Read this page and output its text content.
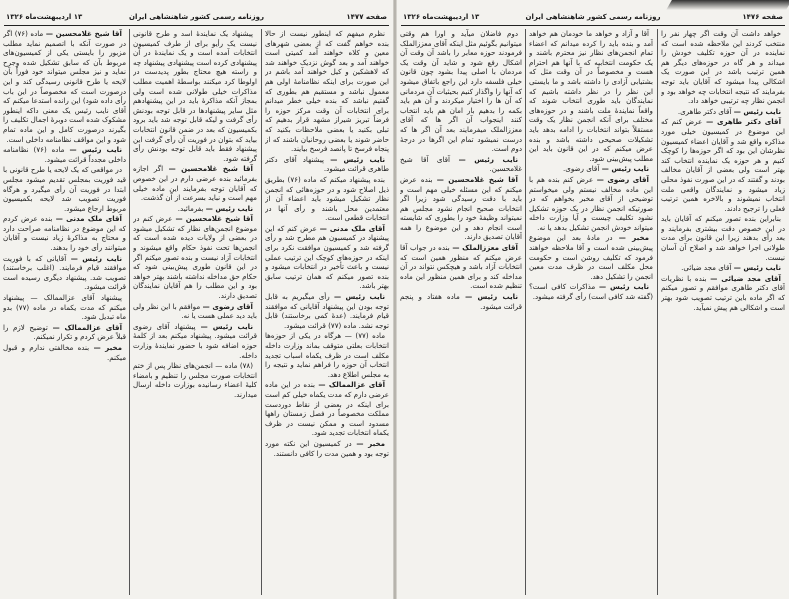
صفحه ۱۴۷۷
روزنامه رسمی کشور شاهنشاهی ایران
۱۳ اردیبهشت‌ماه ۱۳۲۶

نظرم میفهم که اینطور نیست از حالا بنده خواهم گفت که از بعضی شهرهای معین و کلاه خواهند آمد کمیتی است خواهند آمد و بعد گوش نزدیک خواهند شد که لاهشکین و کیل خواهند آمد باشم در این صورت برای اینکه نظامنامهٔ اولی هم معمول نباشد و مستقیم هم بطوری که گفتیم نباشد که بنده خیلی خطر میدانم برای انتخابات آن وقت مرکز حوزه را فرضاً تبریز شیراز مشهد قرار بدهیم که تبلی بکنید یا بعضی ملاحظات بکنید که حاضر شوند یا بعضی روحانیان باشند که از پنجاه فرسخ تا پانصد فرسخ بیایند.

نایب رئیس — پیشنهاد آقای دکتر طاهری قرائت میشود.

بنده پیشنهاد میکنم که ماده (۷۶) بطریق ذیل اصلاح شود و در حوزه‌هائی که انجمن نظار تشکیل میشود باید اعضاء آن از معتمدین محل باشند و رأی آنها در انتخابات قطعی است.

آقای ملک مدنی — عرض کنم که این پیشنهاد در کمیسیون هم مطرح شد و رأی گرفته شد و کمیسیون موافقت نکرد برای اینکه در حوزه‌های کوچک این ترتیب عملی نیست و باعث تأخیر در انتخابات میشود و بنده تصور میکنم که همان ترتیب سابق بهتر باشد.

نایب رئیس — رأی میگیریم به قابل توجه بودن این پیشنهاد آقایانی که موافقند قیام فرمایند. (عدهٔ کمی برخاستند) قابل توجه نشد. ماده (۷۷) قرائت میشود.

ماده (۷۷) — هرگاه در یکی از حوزه‌ها انتخابات بعلتی متوقف بماند وزارت داخله مکلف است در ظرف یکماه اسباب تجدید انتخاب آن حوزه را فراهم نماید و نتیجه را به مجلس اطلاع دهد.

آقای عزالممالک — بنده در این ماده عرضی دارم که مدت یکماه خیلی کم است برای اینکه در بعضی از نقاط دوردست مملکت مخصوصاً در فصل زمستان راهها مسدود است و ممکن نیست در ظرف یکماه انتخابات تجدید شود.

مخبر — در کمیسیون این نکته مورد توجه بود و همین مدت را کافی دانستند.

پیشنهاد یک نمایندهٔ اسد و طرح قانونی نیست یک رأیو برای از طرف کمیسیون انتخابات آمده است و یک نمایندهٔ در آن پیشنهادی کرده است پیشنهادی پیشنهاد چه و راسته هیچ محتاج بطور پدیدست در اولوطا کرد میکنند بواسطهٔ اهمیت مطلب مذاکرات خیلی طولانی شده است ولی بمجاز آنکه مذاکرهٔ باید در این پیشنهادهم مثل سایر پیشنهادها در قابل توجه بودنش رأی گرفت و لیکه قابل توجه شد باید برود بکمیسیون که بعد در ضمن قانون انتخابات بیاید که بتوان در فوریت آن رأی گرفت این پیشنهاد فقط باید قابل توجه بودنش رأی گرفته شود.

آقا شیخ غلامحسین — اگر اجازه بفرمائید بنده عرضی دارم در این خصوص که آقایان توجه بفرمایند این ماده خیلی مهم است و نباید بسرعت از آن گذشت.

نایب رئیس — بفرمائید.

آقا شیخ غلامحسین — عرض کنم در موضوع انجمن‌های نظار که تشکیل میشود در بعضی از ولایات دیده شده است که انجمن‌ها تحت نفوذ حکام واقع میشوند و انتخابات آزاد نیست و بنده تصور میکنم اگر در این قانون طوری پیش‌بینی شود که حکام حق مداخله نداشته باشند بهتر خواهد بود و این مطلب را هم آقایان نمایندگان تصدیق دارند.

آقای رضوی — موافقم با این نظر ولی باید دید عملی هست یا نه.

نایب رئیس — پیشنهاد آقای رضوی قرائت میشود. پیشنهاد میکنم بعد از کلمهٔ حوزه اضافه شود با حضور نمایندهٔ وزارت داخله.

(۷۸) ماده — انجمن‌های نظار پس از ختم انتخابات صورت مجلس را تنظیم و بامضاء کلیهٔ اعضاء رسانیده بوزارت داخله ارسال میدارند.

آقا شیخ غلامحسین — ماده (۷۶) اگر در صورت آنکه با اتصمیم نماید مطلب مزبور را بایستی یکی از کمیسیون‌های مربوط بآن که سابق تشکیل شده وجرح نماید و نیز مجلس میتواند خود فوراً بآن لایحه یا طرح قانونی رسیدگی کند و این درصورت است که مخصوصاً در این باب رأی داده شود) این رانده استدعا میکنم که آقای نایب رئیس یک معنی داکه اینطور مشکوک شده است دوبرهٔ اجمال تکلیف را بگیرند درصورت کامل و این ماده تمام شود و این مواقف نظامنامه داخلی است.

نایب رئیس — ماده (۷۶) نظامنامه داخلی مجدداً قرائت میشود.

در مواقعی که یک لایحه یا طرح قانونی با قید فوریت بمجلس تقدیم میشود مجلس ابتدا در فوریت آن رأی میگیرد و هرگاه فوریت تصویب شد لایحه بکمیسیون مربوط ارجاع میشود.

آقای ملک مدنی — بنده عرض کردم که این موضوع در نظامنامه صراحت دارد و محتاج به مذاکرهٔ زیاد نیست و آقایان میتوانند رأی خود را بدهند.

نایب رئیس — آقایانی که با فوریت موافقند قیام فرمایند. (اغلب برخاستند) تصویب شد. پیشنهاد دیگری رسیده است قرائت میشود.

پیشنهاد آقای عزالممالک — پیشنهاد میکنم که مدت یکماه در ماده (۷۷) بدو ماه تبدیل شود.

آقای عزالممالک — توضیح لازم را قبلاً عرض کردم و تکرار نمیکنم.

مخبر — بنده مخالفتی ندارم و قبول میکنم.

صفحه ۱۴۷۶
روزنامه رسمی کشور شاهنشاهی ایران
۱۳ اردیبهشت‌ماه ۱۳۲۶

خواهد داشت آن وقت اگر چهار نفر را منتخب کردند این ملاحظه شده است که نماینده در آن حوزه تکلیف خودش را میداند و هر گاه در حوزه‌های دیگر هم همین ترتیب باشد در این صورت یک اشکالی پیدا میشود که آقایان باید توجه بفرمایند که نتیجه انتخابات چه خواهد بود و انجمن نظار چه ترتیبی خواهد داد.

نایب رئیس — آقای دکتر طاهری.

آقای دکتر طاهری — عرض کنم که این موضوع در کمیسیون خیلی مورد مذاکره واقع شد و آقایان اعضاء کمیسیون نظرشان این بود که اگر حوزه‌ها را کوچک کنیم و هر حوزه یک نماینده انتخاب کند بهتر است ولی بعضی از آقایان مخالف بودند و گفتند که در این صورت نفوذ محلی زیاد میشود و نمایندگان واقعی ملت انتخاب نمیشوند و بالاخره همین ترتیب فعلی را ترجیح دادند.

بنابراین بنده تصور میکنم که آقایان باید در این خصوص دقت بیشتری بفرمایند و بعد رأی بدهند زیرا این قانون برای مدت طولانی اجرا خواهد شد و اصلاح آن آسان نیست.

نایب رئیس — آقای مجد ضیائی.

آقای مجد ضیائی — بنده با نظریات آقای دکتر طاهری موافقم و تصور میکنم که اگر ماده باین ترتیب تصویب شود بهتر است و اشکالی هم پیش نمیآید.

آقا و آزاد و خواهد ما خودمان هم خواهد آمد و بنده باید را کرده میدانم که اعضاء تمام انجمن‌های نظار نیز محترم باشند و یک حکومت انتخابیه که با آنها هم احترام هست و مخصوصاً در آن وقت مثل که بشتیابی آزادی را داشته باشد و ما بایستی این نظر را در نظر داشته باشیم که نمایندگان باید طوری انتخاب شوند که واقعاً نمایندهٔ ملت باشند و در حوزه‌های مختلف برای آنکه انجمن نظار یک وقت مستقلاً بتواند انتخابات را ادامه بدهد باید تشکیلات صحیحی داشته باشد و بنده عرض میکنم که در این قانون باید این مطلب پیش‌بینی شود.

نایب رئیس — آقای رضوی.

آقای رضوی — عرض کنم بنده هم با این ماده مخالف نیستم ولی میخواستم توضیحی از آقای مخبر بخواهم که در صورتیکه انجمن نظار در یک حوزه تشکیل نشود تکلیف چیست و آیا وزارت داخله میتواند خودش انجمن تشکیل بدهد یا نه.

مخبر — در مادهٔ بعد این موضوع پیش‌بینی شده است و آقا ملاحظه خواهند فرمود که تکلیف روشن است و حکومت محل مکلف است در ظرف مدت معین انجمن را تشکیل دهد.

نایب رئیس — مذاکرات کافی است؟ (گفته شد کافی است) رأی گرفته میشود.

دوم فاضلان میآید و اورا هم وقتی میتوانیم بگوئیم مثل اینکه آقای معززالملک فرمودند حوزه معابر را باشد آن وقت آن اشکال رفع شود و شاید آن وقت یک مردمان با اصلی پیدا بشود چون قانون خیلی فلسفه دارد این راجع باتفاق میشود که آنها را واگذار کنیم بحیثیات آن مردمانی که آن ها را اختیار میکردند و آن هم باید بکمه را بدهیم بار امان هم باید انتخاب کنند اینجواب آن اگر ها که آقای معززالملک میفرمایند بعد آن اگر ها که درست نمیشود تمام این اگرها در درجهٔ دوم است.

نایب رئیس — آقای آقا شیخ غلامحسین.

آقا شیخ غلامحسین — بنده عرض میکنم که این مسئله خیلی مهم است و باید با دقت رسیدگی شود زیرا اگر انتخابات صحیح انجام نشود مجلس هم نمیتواند وظیفهٔ خود را بطوری که شایسته است انجام دهد و این موضوع را همه آقایان تصدیق دارند.

آقای معززالملک — بنده در جواب آقا عرض میکنم که منظور همین است که انتخابات آزاد باشد و هیچکس نتواند در آن مداخله کند و برای همین منظور این ماده تنظیم شده است.

نایب رئیس — ماده هفتاد و پنجم قرائت میشود.
